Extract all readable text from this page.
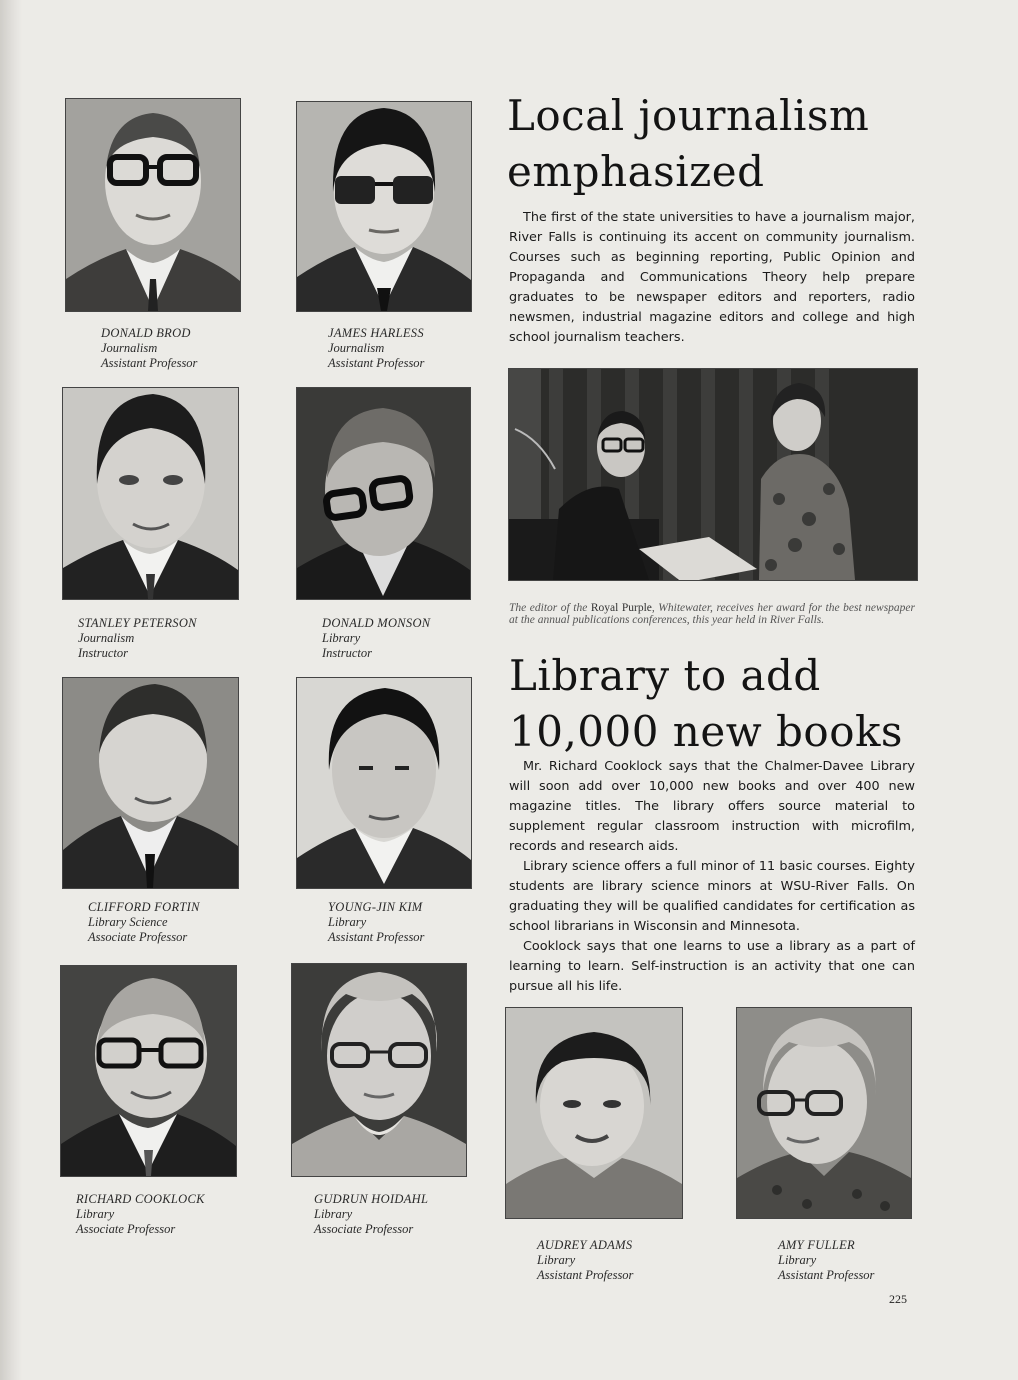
DONALD BROD
Journalism
Assistant Professor
JAMES HARLESS
Journalism
Assistant Professor
STANLEY PETERSON
Journalism
Instructor
DONALD MONSON
Library
Instructor
CLIFFORD FORTIN
Library Science
Associate Professor
YOUNG-JIN KIM
Library
Assistant Professor
RICHARD COOKLOCK
Library
Associate Professor
GUDRUN HOIDAHL
Library
Associate Professor
Local journalism
emphasized

The first of the state universities to have a journalism major, River Falls is continuing its accent on community journalism. Courses such as beginning reporting, Public Opinion and Propaganda and Communications Theory help prepare graduates to be newspaper editors and reporters, radio newsmen, industrial magazine editors and college and high school journalism teachers.

The editor of the Royal Purple, Whitewater, receives her award for the best newspaper at the annual publications conferences, this year held in River Falls.

Library to add
10,000 new books

Mr. Richard Cooklock says that the Chalmer-Davee Library will soon add over 10,000 new books and over 400 new magazine titles. The library offers source material to supplement regular classroom instruction with microfilm, records and research aids.

Library science offers a full minor of 11 basic courses. Eighty students are library science minors at WSU-River Falls. On graduating they will be qualified candidates for certification as school librarians in Wisconsin and Minnesota.

Cooklock says that one learns to use a library as a part of learning to learn. Self-instruction is an activity that one can pursue all his life.

AUDREY ADAMS
Library
Assistant Professor
AMY FULLER
Library
Assistant Professor
225
